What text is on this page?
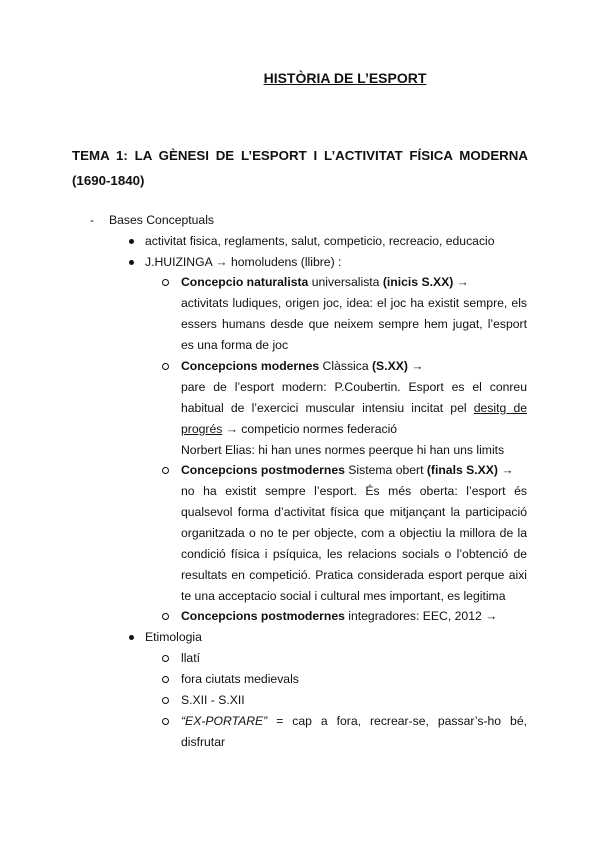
HISTÒRIA DE L’ESPORT
TEMA 1: LA GÈNESI DE L’ESPORT I L’ACTIVITAT FÍSICA MODERNA
(1690-1840)
- Bases Conceptuals
activitat fisica, reglaments, salut, competicio, recreacio, educacio
J.HUIZINGA → homoludens (llibre) :
Concepcio naturalista universalista (inicis S.XX) →
activitats ludiques, origen joc, idea: el joc ha existit sempre, els
essers humans desde que neixem sempre hem jugat, l’esport
es una forma de joc
Concepcions modernes Clàssica (S.XX) →
pare de l’esport modern: P.Coubertin. Esport es el conreu
habitual de l’exercici muscular intensiu incitat pel desitg de
progrés → competicio normes federació
Norbert Elias: hi han unes normes peerque hi han uns limits
Concepcions postmodernes Sistema obert (finals S.XX) →
no ha existit sempre l’esport. És més oberta: l’esport és
qualsevol forma d’activitat física que mitjançant la participació
organitzada o no te per objecte, com a objectiu la millora de la
condició física i psíquica, les relacions socials o l’obtenció de
resultats en competició. Pratica considerada esport perque aixi
te una acceptacio social i cultural mes important, es legitima
Concepcions postmodernes integradores: EEC, 2012 →
Etimologia
llatí
fora ciutats medievals
S.XII - S.XII
“EX-PORTARE” = cap a fora, recrear-se, passar’s-ho bé,
disfrutar
